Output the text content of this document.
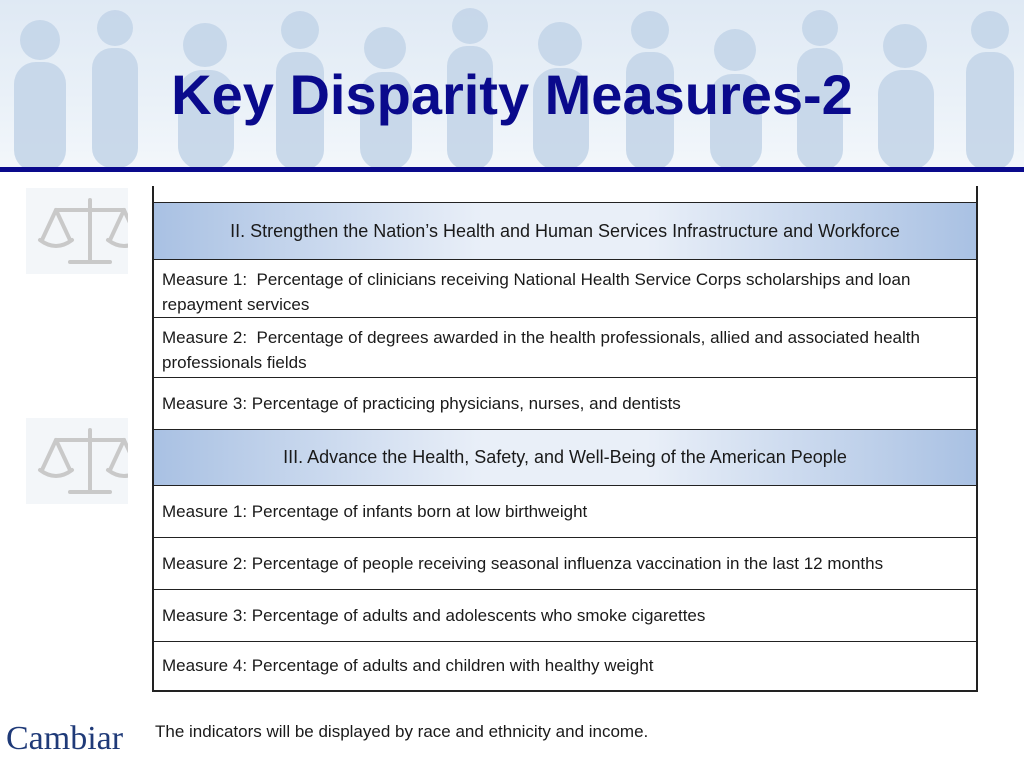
Key Disparity Measures-2
II. Strengthen the Nation’s Health and Human Services Infrastructure and Workforce
Measure 1:  Percentage of clinicians receiving National Health Service Corps scholarships and loan repayment services
Measure 2:  Percentage of degrees awarded in the health professionals, allied and associated health professionals fields
Measure 3:
Percentage of practicing physicians, nurses, and dentists
III. Advance the Health, Safety, and Well-Being of the American People
Measure 1:
Percentage of infants born at low birthweight
Measure 2:
Percentage of people receiving seasonal influenza vaccination in the last 12 months
Measure 3:
Percentage of adults and adolescents who smoke cigarettes
Measure 4:
Percentage of adults and children with healthy weight
The indicators will be displayed by race and ethnicity and income.
Cambiar
